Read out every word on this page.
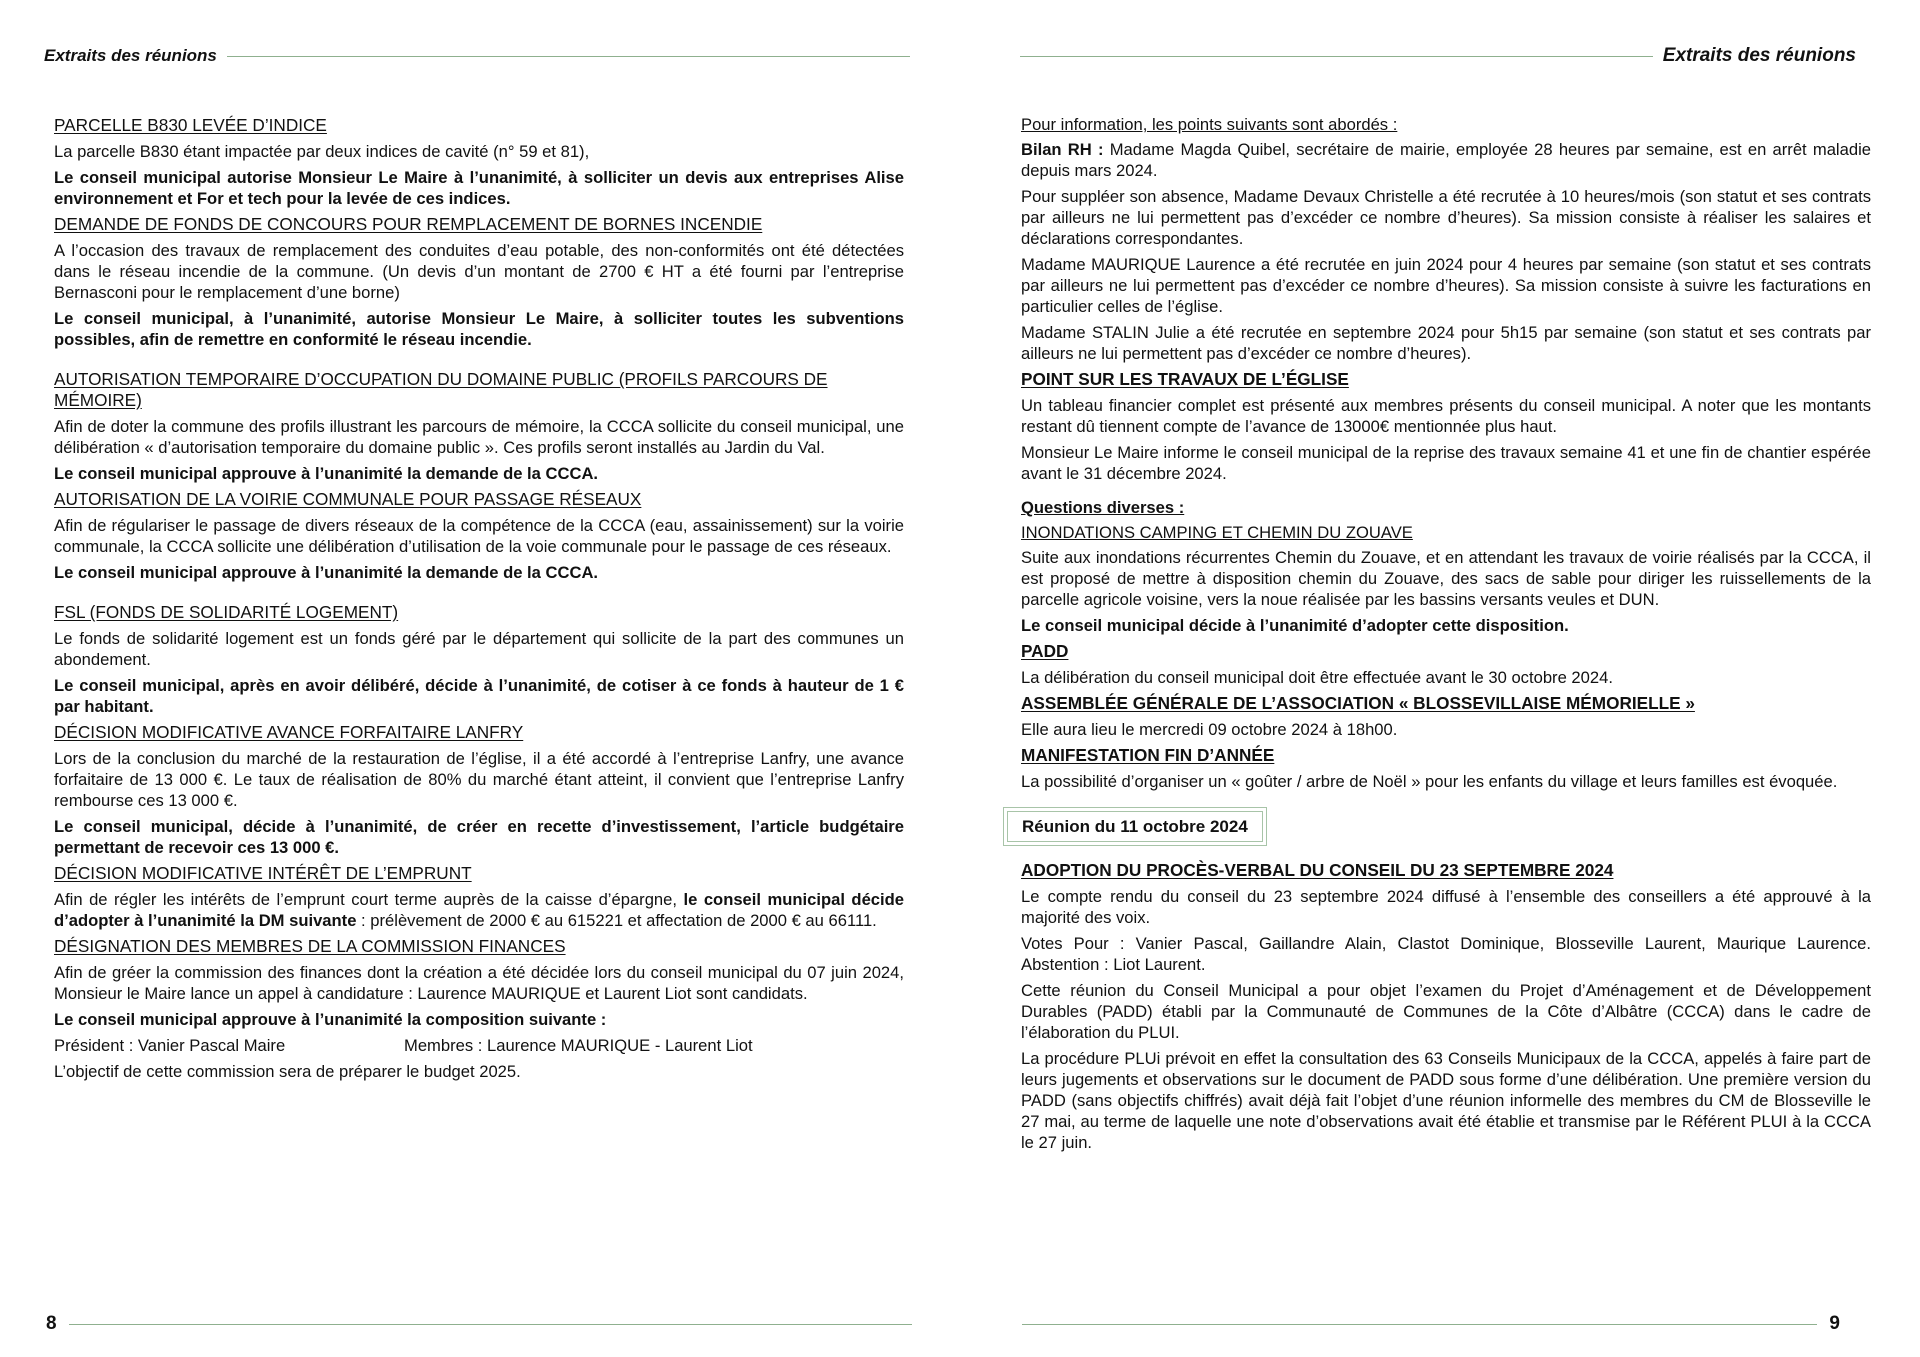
Extraits des réunions
PARCELLE B830 LEVÉE D’INDICE

La parcelle B830 étant impactée par deux indices de cavité (n° 59 et 81),

Le conseil municipal autorise Monsieur Le Maire à l’unanimité, à solliciter un devis aux entreprises Alise environnement et For et tech pour la levée de ces indices.

DEMANDE DE FONDS DE CONCOURS POUR REMPLACEMENT DE BORNES INCENDIE

A l’occasion des travaux de remplacement des conduites d’eau potable, des non-conformités ont été détectées dans le réseau incendie de la commune. (Un devis d’un montant de 2700 € HT a été fourni par l’entreprise Bernasconi pour le remplacement d’une borne)

Le conseil municipal, à l’unanimité, autorise Monsieur Le Maire, à solliciter toutes les subventions possibles, afin de remettre en conformité le réseau incendie.

AUTORISATION TEMPORAIRE D’OCCUPATION DU DOMAINE PUBLIC (PROFILS PARCOURS DE MÉMOIRE)

Afin de doter la commune des profils illustrant les parcours de mémoire, la CCCA sollicite du conseil municipal, une délibération « d’autorisation temporaire du domaine public ». Ces profils seront installés au Jardin du Val.

Le conseil municipal approuve à l’unanimité la demande de la CCCA.

AUTORISATION DE LA VOIRIE COMMUNALE POUR PASSAGE RÉSEAUX

Afin de régulariser le passage de divers réseaux de la compétence de la CCCA (eau, assainissement) sur la voirie communale, la CCCA sollicite une délibération d’utilisation de la voie communale pour le passage de ces réseaux.

Le conseil municipal approuve à l’unanimité la demande de la CCCA.

FSL (FONDS DE SOLIDARITÉ LOGEMENT)

Le fonds de solidarité logement est un fonds géré par le département qui sollicite de la part des communes un abondement.

Le conseil municipal, après en avoir délibéré, décide à l’unanimité, de cotiser à ce fonds à hauteur de 1 € par habitant.

DÉCISION MODIFICATIVE AVANCE FORFAITAIRE LANFRY

Lors de la conclusion du marché de la restauration de l’église, il a été accordé à l’entreprise Lanfry, une avance forfaitaire de 13 000 €. Le taux de réalisation de 80% du marché étant atteint, il convient que l’entreprise Lanfry rembourse ces 13 000 €.

Le conseil municipal, décide à l’unanimité, de créer en recette d’investissement, l’article budgétaire permettant de recevoir ces 13 000 €.

DÉCISION MODIFICATIVE INTÉRÊT DE L’EMPRUNT

Afin de régler les intérêts de l’emprunt court terme auprès de la caisse d’épargne, le conseil municipal décide d’adopter à l’unanimité la DM suivante : prélèvement de 2000 € au 615221 et affectation de 2000 € au 66111.

DÉSIGNATION DES MEMBRES DE LA COMMISSION FINANCES

Afin de gréer la commission des finances dont la création a été décidée lors du conseil municipal du 07 juin 2024, Monsieur le Maire lance un appel à candidature : Laurence MAURIQUE et Laurent Liot sont candidats.

Le conseil municipal approuve à l’unanimité la composition suivante :

Président : Vanier Pascal Maire	Membres : Laurence MAURIQUE - Laurent Liot

L’objectif de cette commission sera de préparer le budget 2025.

8
Extraits des réunions
Pour information, les points suivants sont abordés :

Bilan RH : Madame Magda Quibel, secrétaire de mairie, employée 28 heures par semaine, est en arrêt maladie depuis mars 2024.

Pour suppléer son absence, Madame Devaux Christelle a été recrutée à 10 heures/mois (son statut et ses contrats par ailleurs ne lui permettent pas d’excéder ce nombre d’heures). Sa mission consiste à réaliser les salaires et déclarations correspondantes.

Madame MAURIQUE Laurence a été recrutée en juin 2024 pour 4 heures par semaine (son statut et ses contrats par ailleurs ne lui permettent pas d’excéder ce nombre d’heures). Sa mission consiste à suivre les facturations en particulier celles de l’église.

Madame STALIN Julie a été recrutée en septembre 2024 pour 5h15 par semaine (son statut et ses contrats par ailleurs ne lui permettent pas d’excéder ce nombre d’heures).

POINT SUR LES TRAVAUX DE L’ÉGLISE

Un tableau financier complet est présenté aux membres présents du conseil municipal. A noter que les montants restant dû tiennent compte de l’avance de 13000€ mentionnée plus haut.

Monsieur Le Maire informe le conseil municipal de la reprise des travaux semaine 41 et une fin de chantier espérée avant le 31 décembre 2024.

Questions diverses :
INONDATIONS CAMPING ET CHEMIN DU ZOUAVE

Suite aux inondations récurrentes Chemin du Zouave, et en attendant les travaux de voirie réalisés par la CCCA, il est proposé de mettre à disposition chemin du Zouave, des sacs de sable pour diriger les ruissellements de la parcelle agricole voisine, vers la noue réalisée par les bassins versants veules et DUN.

Le conseil municipal décide à l’unanimité d’adopter cette disposition.

PADD

La délibération du conseil municipal doit être effectuée avant le 30 octobre 2024.

ASSEMBLÉE GÉNÉRALE DE L’ASSOCIATION « BLOSSEVILLAISE MÉMORIELLE »

Elle aura lieu le mercredi 09 octobre 2024 à 18h00.

MANIFESTATION FIN D’ANNÉE

La possibilité d’organiser un « goûter / arbre de Noël » pour les enfants du village et leurs familles est évoquée.

Réunion du 11 octobre 2024
ADOPTION DU PROCÈS-VERBAL DU CONSEIL DU 23 SEPTEMBRE 2024

Le compte rendu du conseil du 23 septembre 2024 diffusé à l’ensemble des conseillers a été approuvé à la majorité des voix.

Votes Pour : Vanier Pascal, Gaillandre Alain, Clastot Dominique, Blosseville Laurent, Maurique Laurence. Abstention : Liot Laurent.

Cette réunion du Conseil Municipal a pour objet l’examen du Projet d’Aménagement et de Développement Durables (PADD) établi par la Communauté de Communes de la Côte d’Albâtre (CCCA) dans le cadre de l’élaboration du PLUI.

La procédure PLUi prévoit en effet la consultation des 63 Conseils Municipaux de la CCCA, appelés à faire part de leurs jugements et observations sur le document de PADD sous forme d’une délibération. Une première version du PADD (sans objectifs chiffrés) avait déjà fait l’objet d’une réunion informelle des membres du CM de Blosseville le 27 mai, au terme de laquelle une note d’observations avait été établie et transmise par le Référent PLUI à la CCCA le 27 juin.

9
